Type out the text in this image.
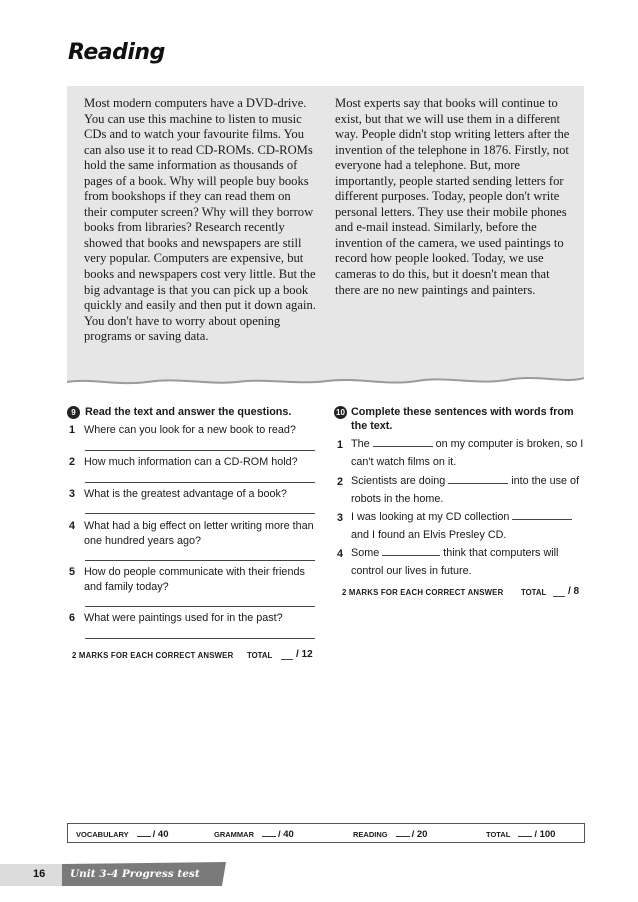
Reading
Most modern computers have a DVD-drive. You can use this machine to listen to music CDs and to watch your favourite films. You can also use it to read CD-ROMs. CD-ROMs hold the same information as thousands of pages of a book. Why will people buy books from bookshops if they can read them on their computer screen? Why will they borrow books from libraries? Research recently showed that books and newspapers are still very popular. Computers are expensive, but books and newspapers cost very little. But the big advantage is that you can pick up a book quickly and easily and then put it down again. You don't have to worry about opening programs or saving data.
Most experts say that books will continue to exist, but that we will use them in a different way. People didn't stop writing letters after the invention of the telephone in 1876. Firstly, not everyone had a telephone. But, more importantly, people started sending letters for different purposes. Today, people don't write personal letters. They use their mobile phones and e-mail instead. Similarly, before the invention of the camera, we used paintings to record how people looked. Today, we use cameras to do this, but it doesn't mean that there are no new paintings and painters.
9 Read the text and answer the questions.
1 Where can you look for a new book to read?
2 How much information can a CD-ROM hold?
3 What is the greatest advantage of a book?
4 What had a big effect on letter writing more than one hundred years ago?
5 How do people communicate with their friends and family today?
6 What were paintings used for in the past?
2 MARKS FOR EACH CORRECT ANSWER TOTAL / 12
10 Complete these sentences with words from the text.
1 The	on my computer is broken, so I
can't watch films on it.
2 Scientists are doing	into the use of
robots in the home.
3 I was looking at my CD collection
and I found an Elvis Presley CD.
4 Some	think that computers will
control our lives in future.
2 MARKS FOR EACH CORRECT ANSWER TOTAL / 8
VOCABULARY	/ 40	GRAMMAR	/ 40	READING	/ 20	TOTAL	/ 100
16 Unit 3-4 Progress test
